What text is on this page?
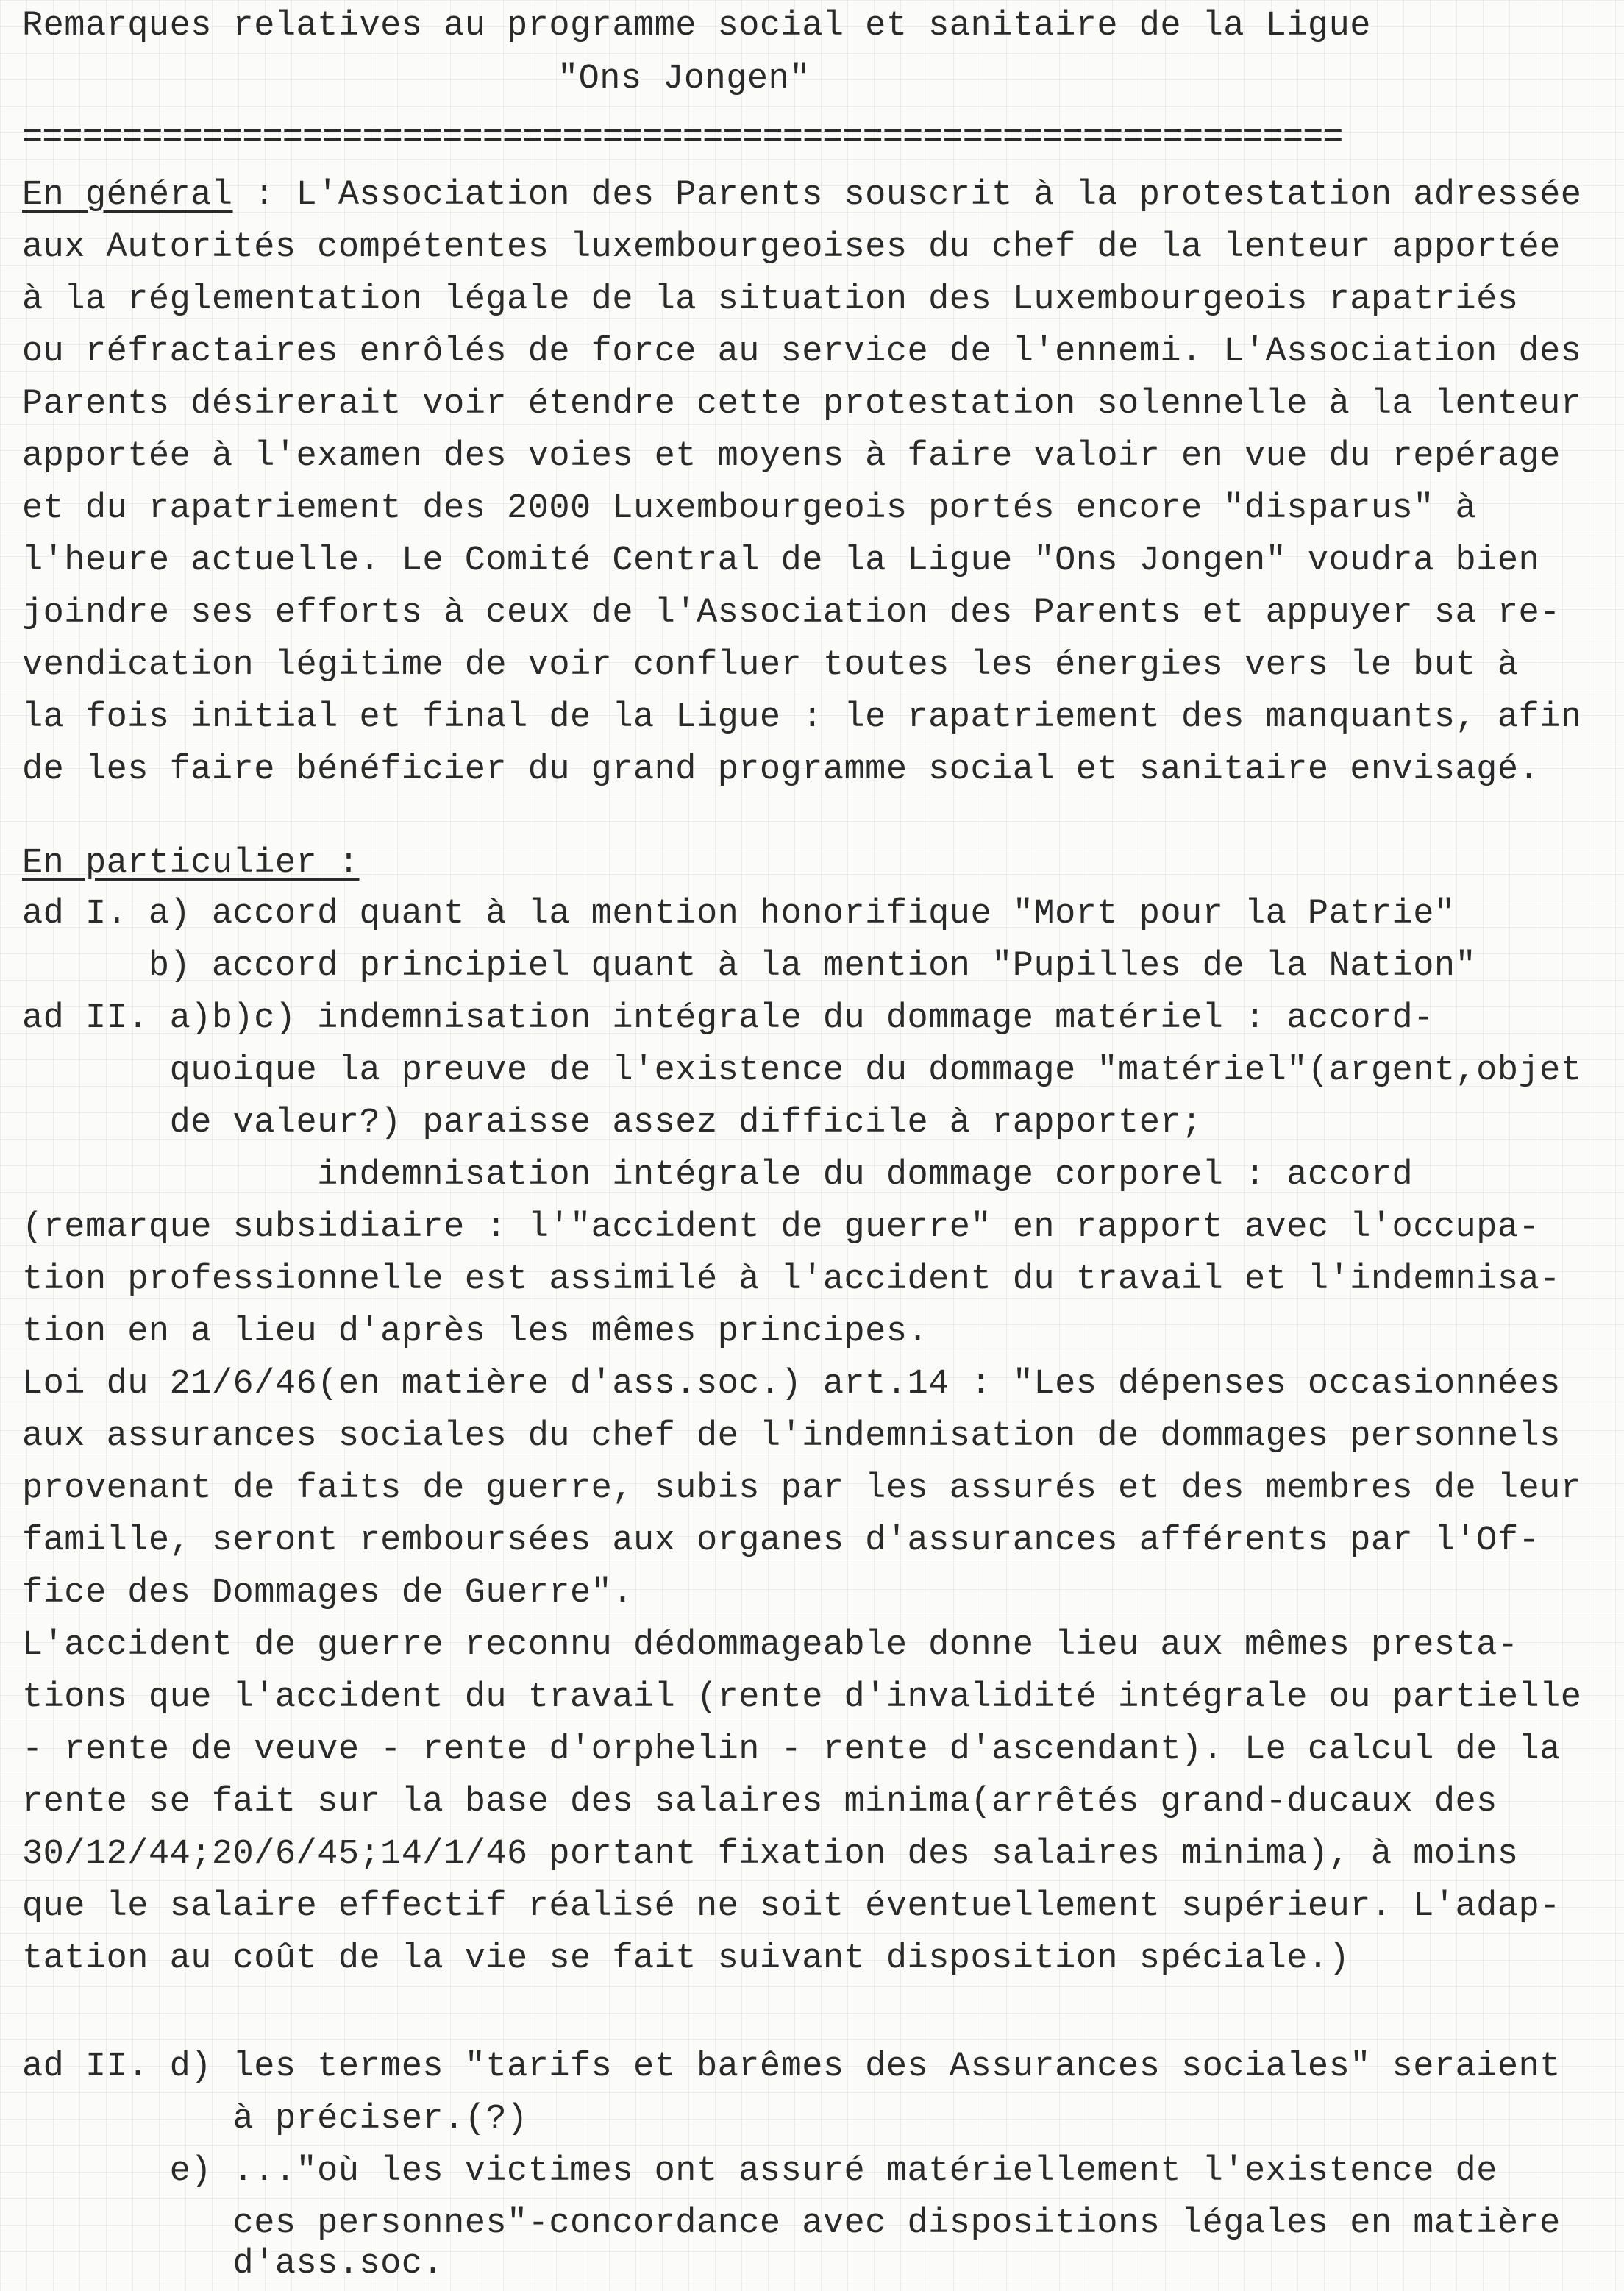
Remarques relatives au programme social et sanitaire de la Ligue
"Ons Jongen"
==================================================================
En général : L'Association des Parents souscrit à la protestation adressée
aux Autorités compétentes luxembourgeoises du chef de la lenteur apportée
à la réglementation légale de la situation des Luxembourgeois rapatriés
ou réfractaires enrôlés de force au service de l'ennemi. L'Association des
Parents désirerait voir étendre cette protestation solennelle à la lenteur
apportée à l'examen des voies et moyens à faire valoir en vue du repérage
et du rapatriement des 2000 Luxembourgeois portés encore "disparus" à
l'heure actuelle. Le Comité Central de la Ligue "Ons Jongen" voudra bien
joindre ses efforts à ceux de l'Association des Parents et appuyer sa re-
vendication légitime de voir confluer toutes les énergies vers le but à
la fois initial et final de la Ligue : le rapatriement des manquants, afin
de les faire bénéficier du grand programme social et sanitaire envisagé.
En particulier :
ad I. a) accord quant à la mention honorifique "Mort pour la Patrie"
b) accord principiel quant à la mention "Pupilles de la Nation"
ad II. a)b)c) indemnisation intégrale du dommage matériel : accord-
quoique la preuve de l'existence du dommage "matériel"(argent,objet
de valeur?) paraisse assez difficile à rapporter;
indemnisation intégrale du dommage corporel : accord
(remarque subsidiaire : l'"accident de guerre" en rapport avec l'occupa-
tion professionnelle est assimilé à l'accident du travail et l'indemnisa-
tion en a lieu d'après les mêmes principes.
Loi du 21/6/46(en matière d'ass.soc.) art.14 : "Les dépenses occasionnées
aux assurances sociales du chef de l'indemnisation de dommages personnels
provenant de faits de guerre, subis par les assurés et des membres de leur
famille, seront remboursées aux organes d'assurances afférents par l'Of-
fice des Dommages de Guerre".
L'accident de guerre reconnu dédommageable donne lieu aux mêmes presta-
tions que l'accident du travail (rente d'invalidité intégrale ou partielle
- rente de veuve - rente d'orphelin - rente d'ascendant). Le calcul de la
rente se fait sur la base des salaires minima(arrêtés grand-ducaux des
30/12/44;20/6/45;14/1/46 portant fixation des salaires minima), à moins
que le salaire effectif réalisé ne soit éventuellement supérieur. L'adap-
tation au coût de la vie se fait suivant disposition spéciale.)
ad II. d) les termes "tarifs et barêmes des Assurances sociales" seraient
à préciser.(?)
e) ..."où les victimes ont assuré matériellement l'existence de
ces personnes"-concordance avec dispositions légales en matière
d'ass.soc.
